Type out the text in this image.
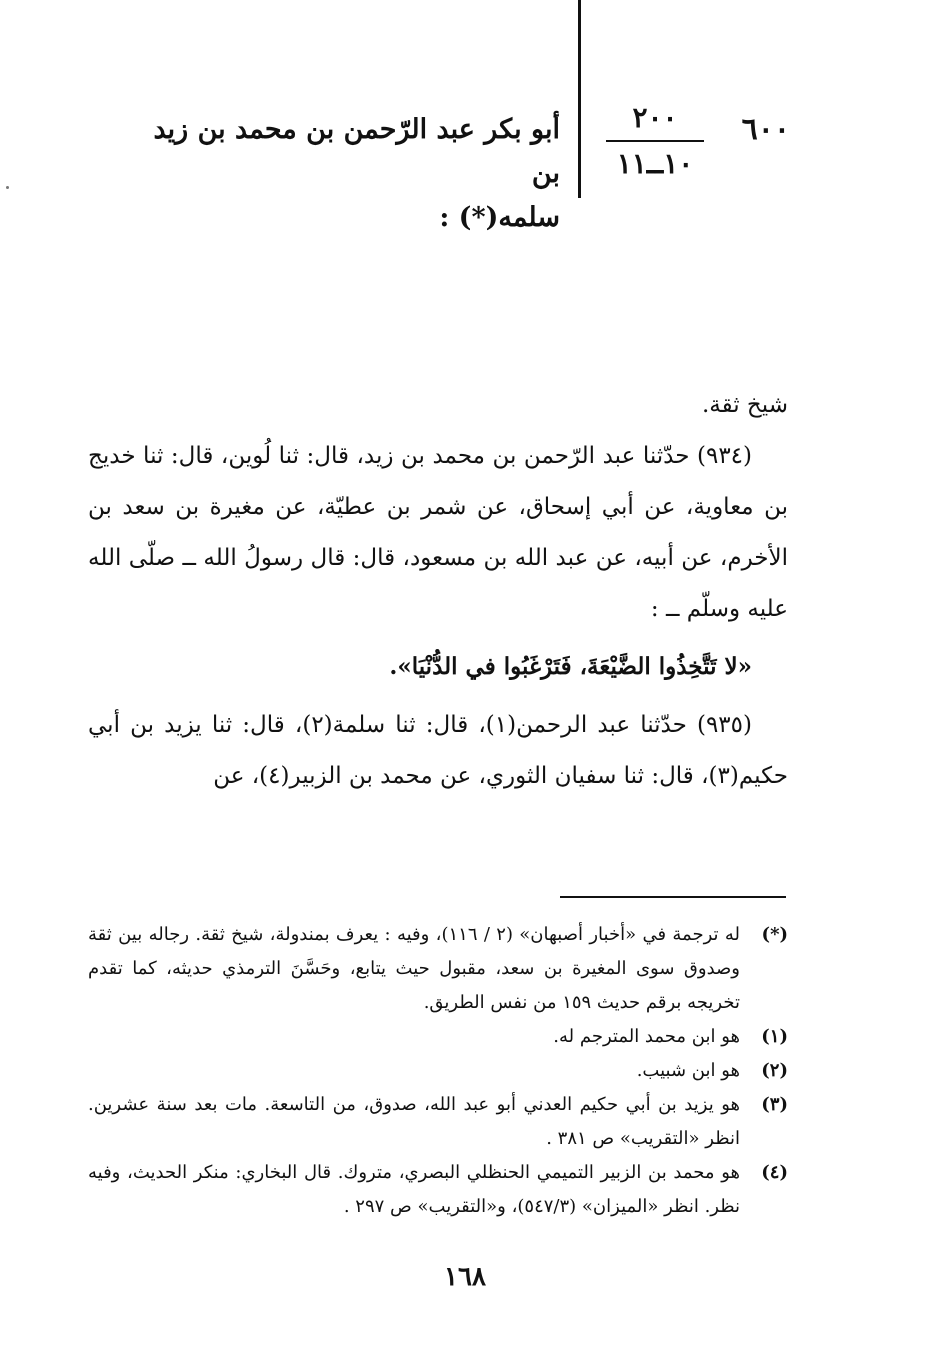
٦٠٠
٢٠٠
١٠ــ١١
أبو بكر عبد الرّحمن بن محمد بن زيد بن
سلمه(*) :

شيخ ثقة.

(٩٣٤) حدّثنا عبد الرّحمن بن محمد بن زيد، قال: ثنا لُوين، قال: ثنا خديج بن معاوية، عن أبي إسحاق، عن شمر بن عطيّة، عن مغيرة بن سعد بن الأخرم، عن أبيه، عن عبد الله بن مسعود، قال: قال رسولُ الله ــ صلّى الله عليه وسلّم ــ :

«لا تَتَّخِذُوا الضَّيْعَةَ، فَتَرْغَبُوا في الدُّنْيَا».

(٩٣٥) حدّثنا عبد الرحمن(١)، قال: ثنا سلمة(٢)، قال: ثنا يزيد بن أبي حكيم(٣)، قال: ثنا سفيان الثوري، عن محمد بن الزبير(٤)، عن

(*)
له ترجمة في «أخبار أصبهان» (٢ / ١١٦)، وفيه : يعرف بمندولة، شيخ ثقة. رجاله بين ثقة وصدوق سوى المغيرة بن سعد، مقبول حيث يتابع، وحَسَّنَ الترمذي حديثه، كما تقدم تخريجه برقم حديث ١٥٩ من نفس الطريق.
(١)
هو ابن محمد المترجم له.
(٢)
هو ابن شبيب.
(٣)
هو يزيد بن أبي حكيم العدني أبو عبد الله، صدوق، من التاسعة. مات بعد سنة عشرين. انظر «التقريب» ص ٣٨١ .
(٤)
هو محمد بن الزبير التميمي الحنظلي البصري، متروك. قال البخاري: منكر الحديث، وفيه نظر. انظر «الميزان» (٥٤٧/٣)، و«التقريب» ص ٢٩٧ .
١٦٨
